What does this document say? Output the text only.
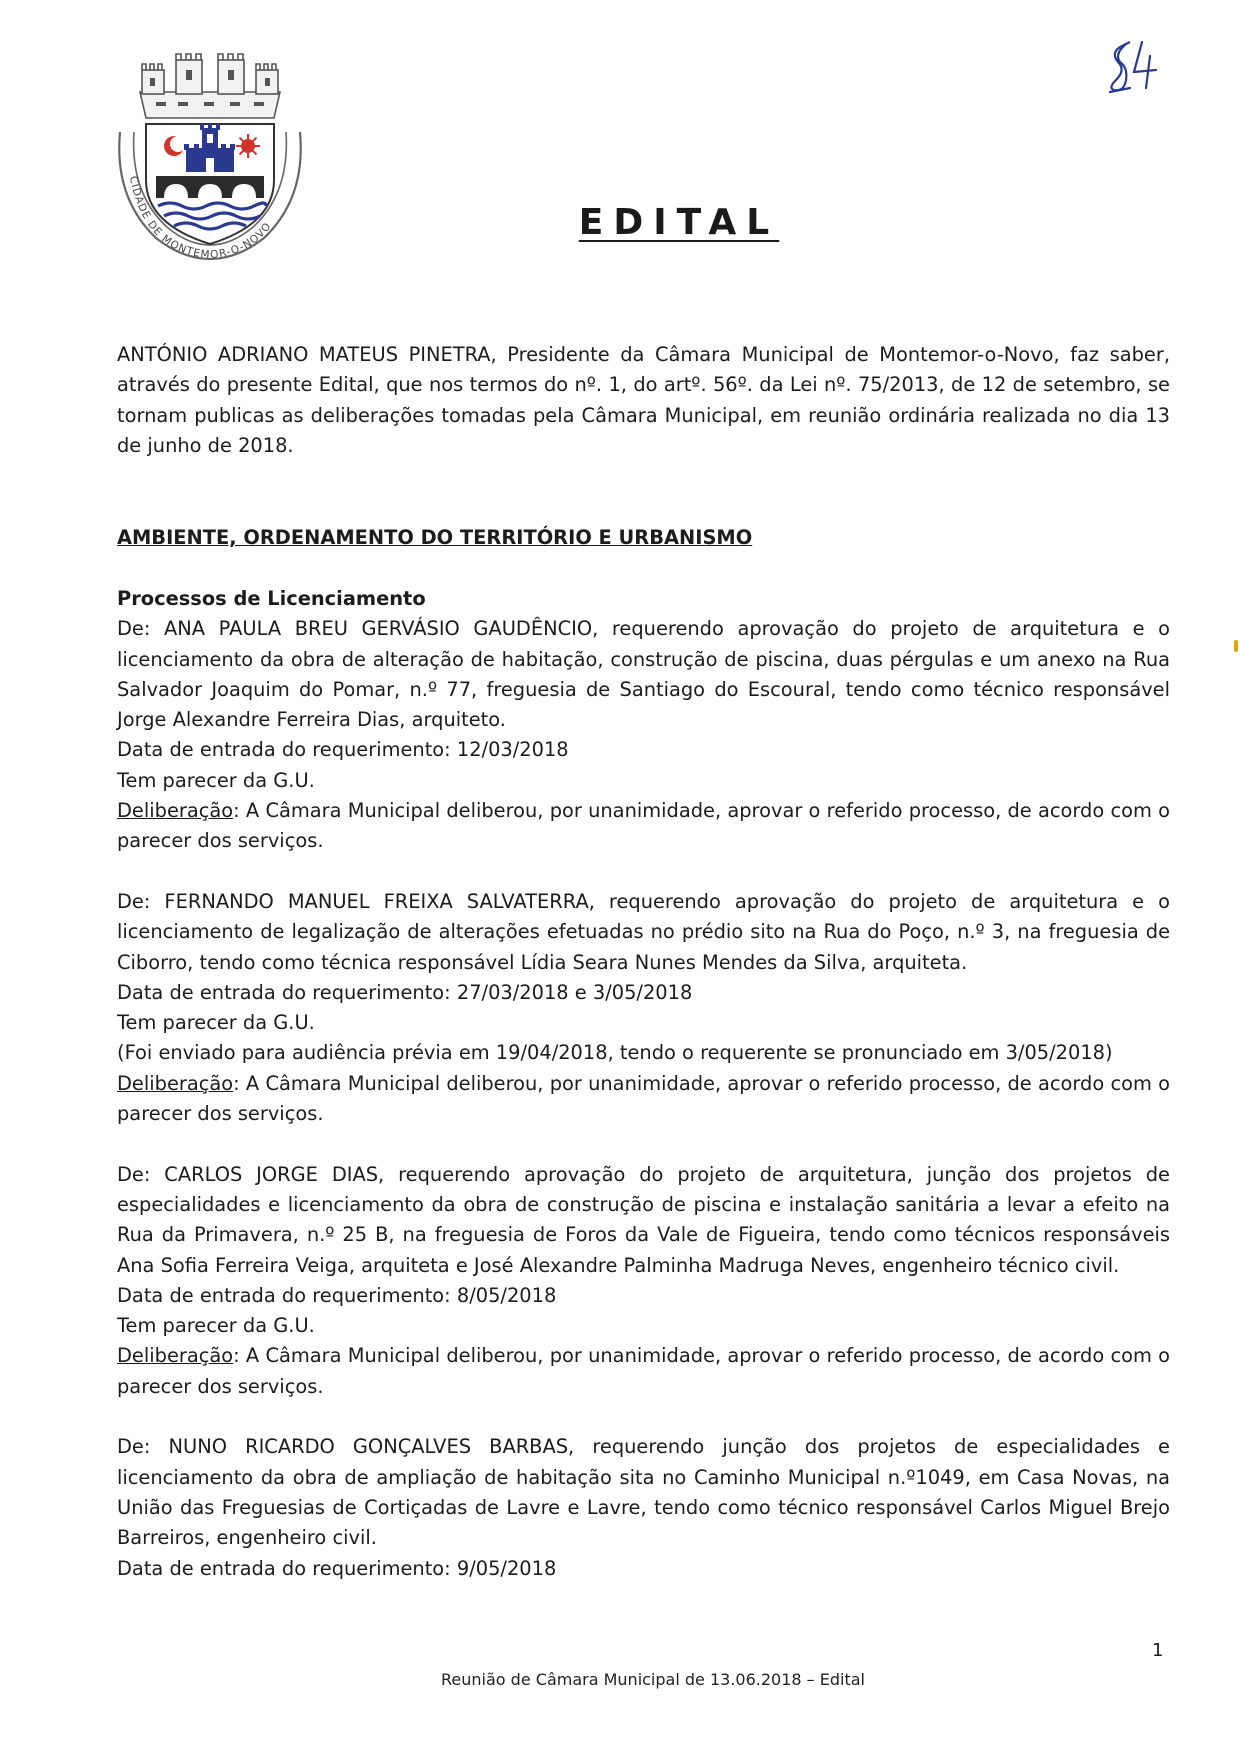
CIDADE DE MONTEMOR-O-NOVO	EDITAL
ANTÓNIO ADRIANO MATEUS PINETRA, Presidente da Câmara Municipal de Montemor-o-Novo, faz saber, através do presente Edital, que nos termos do nº. 1, do artº. 56º. da Lei nº. 75/2013, de 12 de setembro, se tornam publicas as deliberações tomadas pela Câmara Municipal, em reunião ordinária realizada no dia 13 de junho de 2018.
AMBIENTE, ORDENAMENTO DO TERRITÓRIO E URBANISMO

Processos de Licenciamento

De: ANA PAULA BREU GERVÁSIO GAUDÊNCIO, requerendo aprovação do projeto de arquitetura e o licenciamento da obra de alteração de habitação, construção de piscina, duas pérgulas e um anexo na Rua Salvador Joaquim do Pomar, n.º 77, freguesia de Santiago do Escoural, tendo como técnico responsável Jorge Alexandre Ferreira Dias, arquiteto.

Data de entrada do requerimento: 12/03/2018

Tem parecer da G.U.

Deliberação: A Câmara Municipal deliberou, por unanimidade, aprovar o referido processo, de acordo com o parecer dos serviços.

De: FERNANDO MANUEL FREIXA SALVATERRA, requerendo aprovação do projeto de arquitetura e o licenciamento de legalização de alterações efetuadas no prédio sito na Rua do Poço, n.º 3, na freguesia de Ciborro, tendo como técnica responsável Lídia Seara Nunes Mendes da Silva, arquiteta.

Data de entrada do requerimento: 27/03/2018 e 3/05/2018

Tem parecer da G.U.

(Foi enviado para audiência prévia em 19/04/2018, tendo o requerente se pronunciado em 3/05/2018)

Deliberação: A Câmara Municipal deliberou, por unanimidade, aprovar o referido processo, de acordo com o parecer dos serviços.

De: CARLOS JORGE DIAS, requerendo aprovação do projeto de arquitetura, junção dos projetos de especialidades e licenciamento da obra de construção de piscina e instalação sanitária a levar a efeito na Rua da Primavera, n.º 25 B, na freguesia de Foros da Vale de Figueira, tendo como técnicos responsáveis Ana Sofia Ferreira Veiga, arquiteta e José Alexandre Palminha Madruga Neves, engenheiro técnico civil.

Data de entrada do requerimento: 8/05/2018

Tem parecer da G.U.

Deliberação: A Câmara Municipal deliberou, por unanimidade, aprovar o referido processo, de acordo com o parecer dos serviços.

De: NUNO RICARDO GONÇALVES BARBAS, requerendo junção dos projetos de especialidades e licenciamento da obra de ampliação de habitação sita no Caminho Municipal n.º1049, em Casa Novas, na União das Freguesias de Cortiçadas de Lavre e Lavre, tendo como técnico responsável Carlos Miguel Brejo Barreiros, engenheiro civil.

Data de entrada do requerimento: 9/05/2018

1
Reunião de Câmara Municipal de 13.06.2018 – Edital
